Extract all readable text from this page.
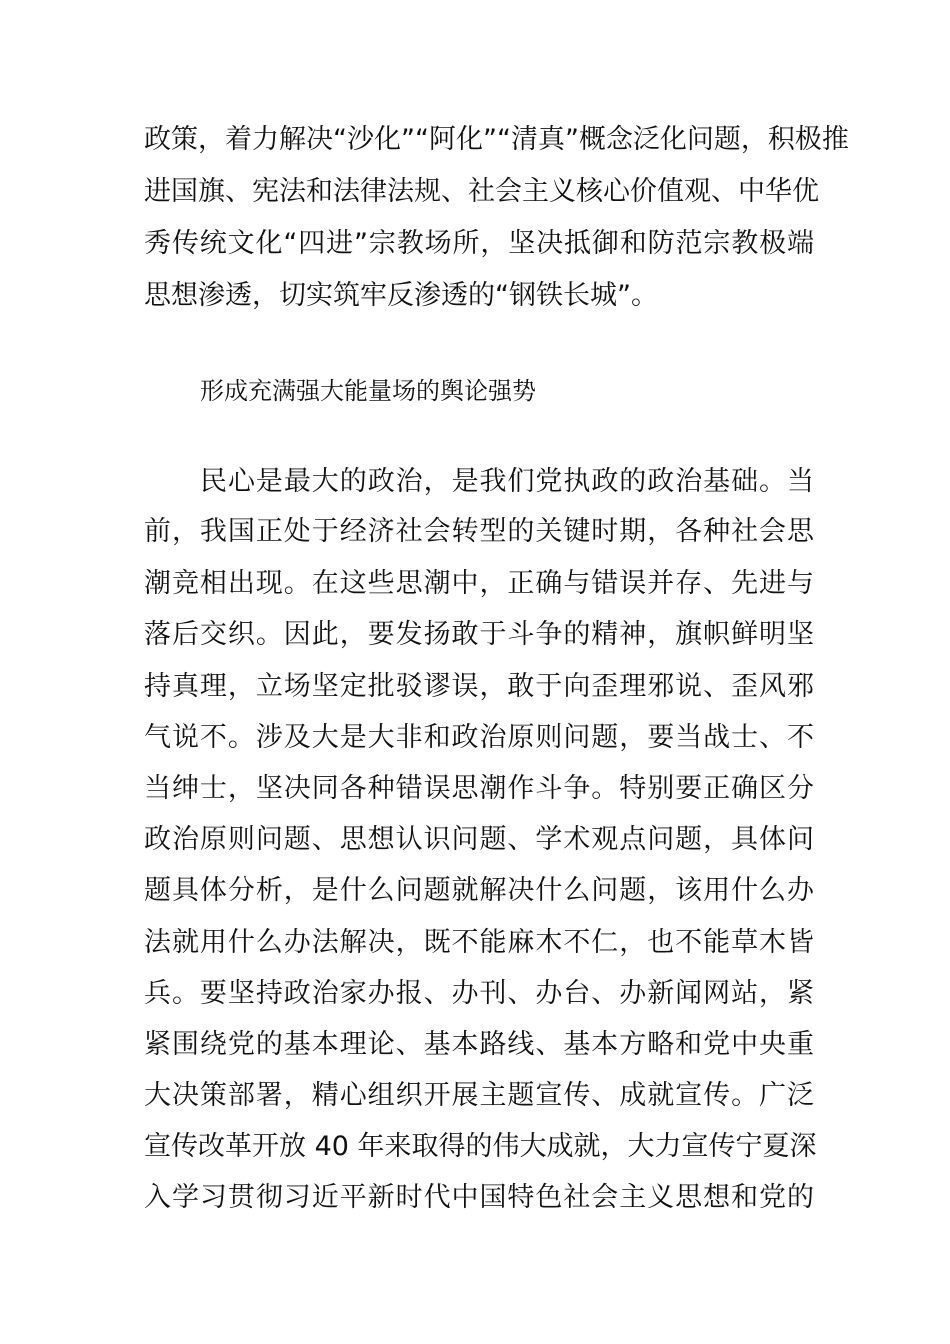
政策，着力解决“沙化”“阿化”“清真”概念泛化问题，积极推
进国旗、宪法和法律法规、社会主义核心价值观、中华优
秀传统文化“四进”宗教场所，坚决抵御和防范宗教极端
思想渗透，切实筑牢反渗透的“钢铁长城”。
形成充满强大能量场的舆论强势
民心是最大的政治，是我们党执政的政治基础。当
前，我国正处于经济社会转型的关键时期，各种社会思
潮竞相出现。在这些思潮中，正确与错误并存、先进与
落后交织。因此，要发扬敢于斗争的精神，旗帜鲜明坚
持真理，立场坚定批驳谬误，敢于向歪理邪说、歪风邪
气说不。涉及大是大非和政治原则问题，要当战士、不
当绅士，坚决同各种错误思潮作斗争。特别要正确区分
政治原则问题、思想认识问题、学术观点问题，具体问
题具体分析，是什么问题就解决什么问题，该用什么办
法就用什么办法解决，既不能麻木不仁，也不能草木皆
兵。要坚持政治家办报、办刊、办台、办新闻网站，紧
紧围绕党的基本理论、基本路线、基本方略和党中央重
大决策部署，精心组织开展主题宣传、成就宣传。广泛
宣传改革开放 40 年来取得的伟大成就，大力宣传宁夏深
入学习贯彻习近平新时代中国特色社会主义思想和党的
